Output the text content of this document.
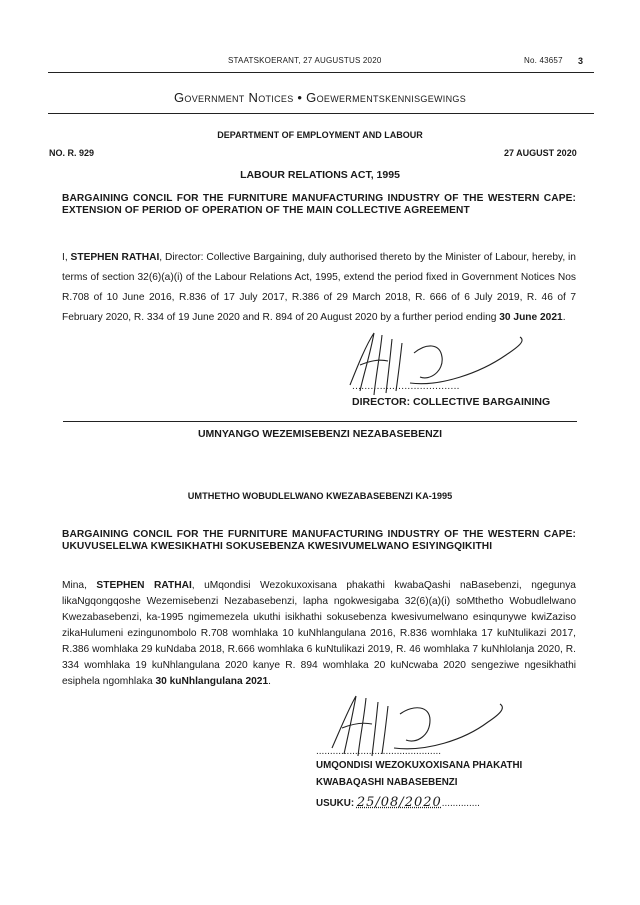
STAATSKOERANT, 27 AUGUSTUS 2020	No. 43657 3
Government Notices • Goewermentskennisgewings
DEPARTMENT OF EMPLOYMENT AND LABOUR
NO. R. 929	27 AUGUST 2020
LABOUR RELATIONS ACT, 1995
BARGAINING CONCIL FOR THE FURNITURE MANUFACTURING INDUSTRY OF THE WESTERN CAPE: EXTENSION OF PERIOD OF OPERATION OF THE MAIN COLLECTIVE AGREEMENT
I, STEPHEN RATHAI, Director: Collective Bargaining, duly authorised thereto by the Minister of Labour, hereby, in terms of section 32(6)(a)(i) of the Labour Relations Act, 1995, extend the period fixed in Government Notices Nos R.708 of 10 June 2016, R.836 of 17 July 2017, R.386 of 29 March 2018, R. 666 of 6 July 2019, R. 46 of 7 February 2020, R. 334 of 19 June 2020 and R. 894 of 20 August 2020 by a further period ending 30 June 2021.
...................................
DIRECTOR: COLLECTIVE BARGAINING
UMNYANGO WEZEMISEBENZI NEZABASEBENZI
UMTHETHO WOBUDLELWANO KWEZABASEBENZI KA-1995
BARGAINING CONCIL FOR THE FURNITURE MANUFACTURING INDUSTRY OF THE WESTERN CAPE: UKUVUSELELWA KWESIKHATHI SOKUSEBENZA KWESIVUMELWANO ESIYINGQIKITHI
Mina, STEPHEN RATHAI, uMqondisi Wezokuxoxisana phakathi kwabaQashi naBasebenzi, ngegunya likaNgqongqoshe Wezemisebenzi Nezabasebenzi, lapha ngokwesigaba 32(6)(a)(i) soMthetho Wobudlelwano Kwezabasebenzi, ka-1995 ngimemezela ukuthi isikhathi sokusebenza kwesivumelwano esinqunywe kwiZaziso zikaHulumeni ezingunombolo R.708 womhlaka 10 kuNhlangulana 2016, R.836 womhlaka 17 kuNtulikazi 2017, R.386 womhlaka 29 kuNdaba 2018, R.666 womhlaka 6 kuNtulikazi 2019, R. 46 womhlaka 7 kuNhlolanja 2020, R. 334 womhlaka 19 kuNhlangulana 2020 kanye R. 894 womhlaka 20 kuNcwaba 2020 sengeziwe ngesikhathi esiphela ngomhlaka 30 kuNhlangulana 2021.
.............................................
UMQONDISI WEZOKUXOXISANA PHAKATHI
KWABAQASHI NABASEBENZI
USUKU: 25/08/2020..............
